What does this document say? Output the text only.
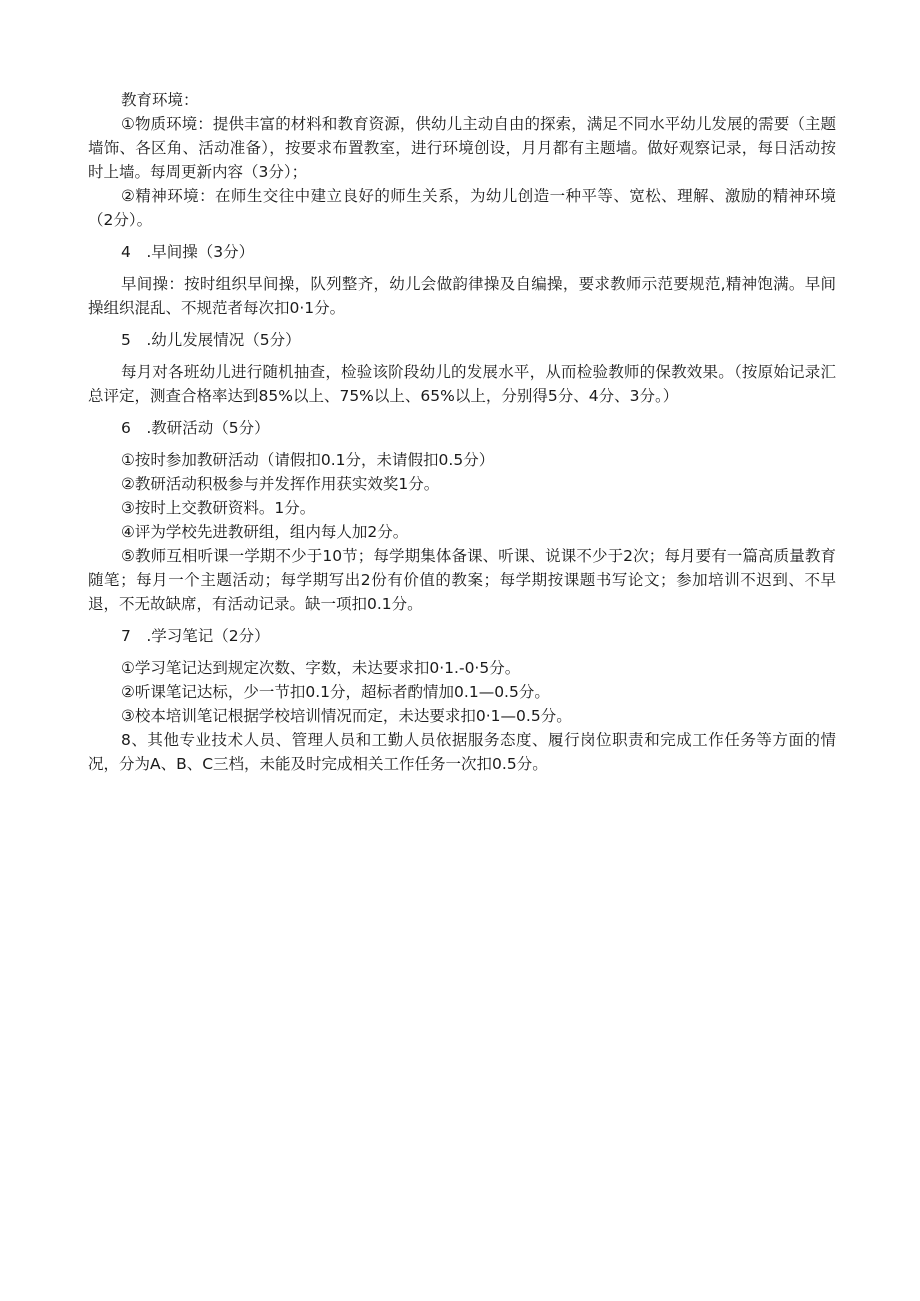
教育环境：

①物质环境：提供丰富的材料和教育资源，供幼儿主动自由的探索，满足不同水平幼儿发展的需要（主题墙饰、各区角、活动准备），按要求布置教室，进行环境创设，月月都有主题墙。做好观察记录，每日活动按时上墙。每周更新内容（3分）；

②精神环境：在师生交往中建立良好的师生关系，为幼儿创造一种平等、宽松、理解、激励的精神环境（2分）。

4　.早间操（3分）

早间操：按时组织早间操，队列整齐，幼儿会做韵律操及自编操，要求教师示范要规范,精神饱满。早间操组织混乱、不规范者每次扣0·1分。

5　.幼儿发展情况（5分）

每月对各班幼儿进行随机抽查，检验该阶段幼儿的发展水平，从而检验教师的保教效果。（按原始记录汇总评定，测查合格率达到85%以上、75%以上、65%以上，分别得5分、4分、3分。）

6　.教研活动（5分）

①按时参加教研活动（请假扣0.1分，未请假扣0.5分）

②教研活动积极参与并发挥作用获实效奖1分。

③按时上交教研资料。1分。

④评为学校先进教研组，组内每人加2分。

⑤教师互相听课一学期不少于10节；每学期集体备课、听课、说课不少于2次；每月要有一篇高质量教育随笔；每月一个主题活动；每学期写出2份有价值的教案；每学期按课题书写论文；参加培训不迟到、不早退，不无故缺席，有活动记录。缺一项扣0.1分。

7　.学习笔记（2分）

①学习笔记达到规定次数、字数，未达要求扣0·1.-0·5分。

②听课笔记达标，少一节扣0.1分，超标者酌情加0.1—0.5分。

③校本培训笔记根据学校培训情况而定，未达要求扣0·1—0.5分。

8、其他专业技术人员、管理人员和工勤人员依据服务态度、履行岗位职责和完成工作任务等方面的情况，分为A、B、C三档，未能及时完成相关工作任务一次扣0.5分。
